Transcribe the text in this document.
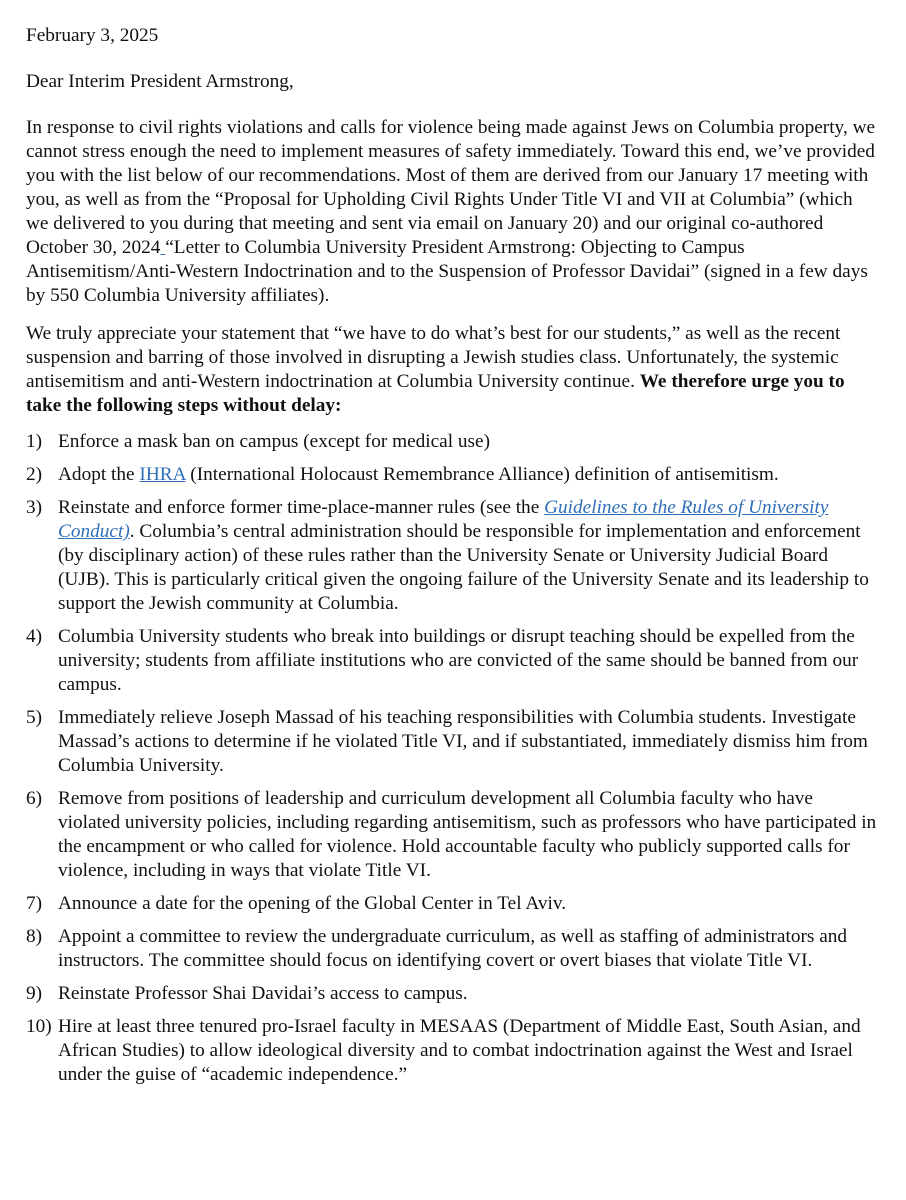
February 3, 2025

Dear Interim President Armstrong,

In response to civil rights violations and calls for violence being made against Jews on Columbia property, we cannot stress enough the need to implement measures of safety immediately. Toward this end, we’ve provided you with the list below of our recommendations. Most of them are derived from our January 17 meeting with you, as well as from the “Proposal for Upholding Civil Rights Under Title VI and VII at Columbia” (which we delivered to you during that meeting and sent via email on January 20) and our original co-authored October 30, 2024 “Letter to Columbia University President Armstrong: Objecting to Campus Antisemitism/Anti-Western Indoctrination and to the Suspension of Professor Davidai” (signed in a few days by 550 Columbia University affiliates).

We truly appreciate your statement that “we have to do what’s best for our students,” as well as the recent suspension and barring of those involved in disrupting a Jewish studies class. Unfortunately, the systemic antisemitism and anti-Western indoctrination at Columbia University continue. We therefore urge you to take the following steps without delay:

1) Enforce a mask ban on campus (except for medical use)
2) Adopt the IHRA (International Holocaust Remembrance Alliance) definition of antisemitism.
3) Reinstate and enforce former time-place-manner rules (see the Guidelines to the Rules of University Conduct). Columbia’s central administration should be responsible for implementation and enforcement (by disciplinary action) of these rules rather than the University Senate or University Judicial Board (UJB). This is particularly critical given the ongoing failure of the University Senate and its leadership to support the Jewish community at Columbia.
4) Columbia University students who break into buildings or disrupt teaching should be expelled from the university; students from affiliate institutions who are convicted of the same should be banned from our campus.
5) Immediately relieve Joseph Massad of his teaching responsibilities with Columbia students. Investigate Massad’s actions to determine if he violated Title VI, and if substantiated, immediately dismiss him from Columbia University.
6) Remove from positions of leadership and curriculum development all Columbia faculty who have violated university policies, including regarding antisemitism, such as professors who have participated in the encampment or who called for violence. Hold accountable faculty who publicly supported calls for violence, including in ways that violate Title VI.
7) Announce a date for the opening of the Global Center in Tel Aviv.
8) Appoint a committee to review the undergraduate curriculum, as well as staffing of administrators and instructors. The committee should focus on identifying covert or overt biases that violate Title VI.
9) Reinstate Professor Shai Davidai’s access to campus.
10) Hire at least three tenured pro-Israel faculty in MESAAS (Department of Middle East, South Asian, and African Studies) to allow ideological diversity and to combat indoctrination against the West and Israel under the guise of “academic independence.”
